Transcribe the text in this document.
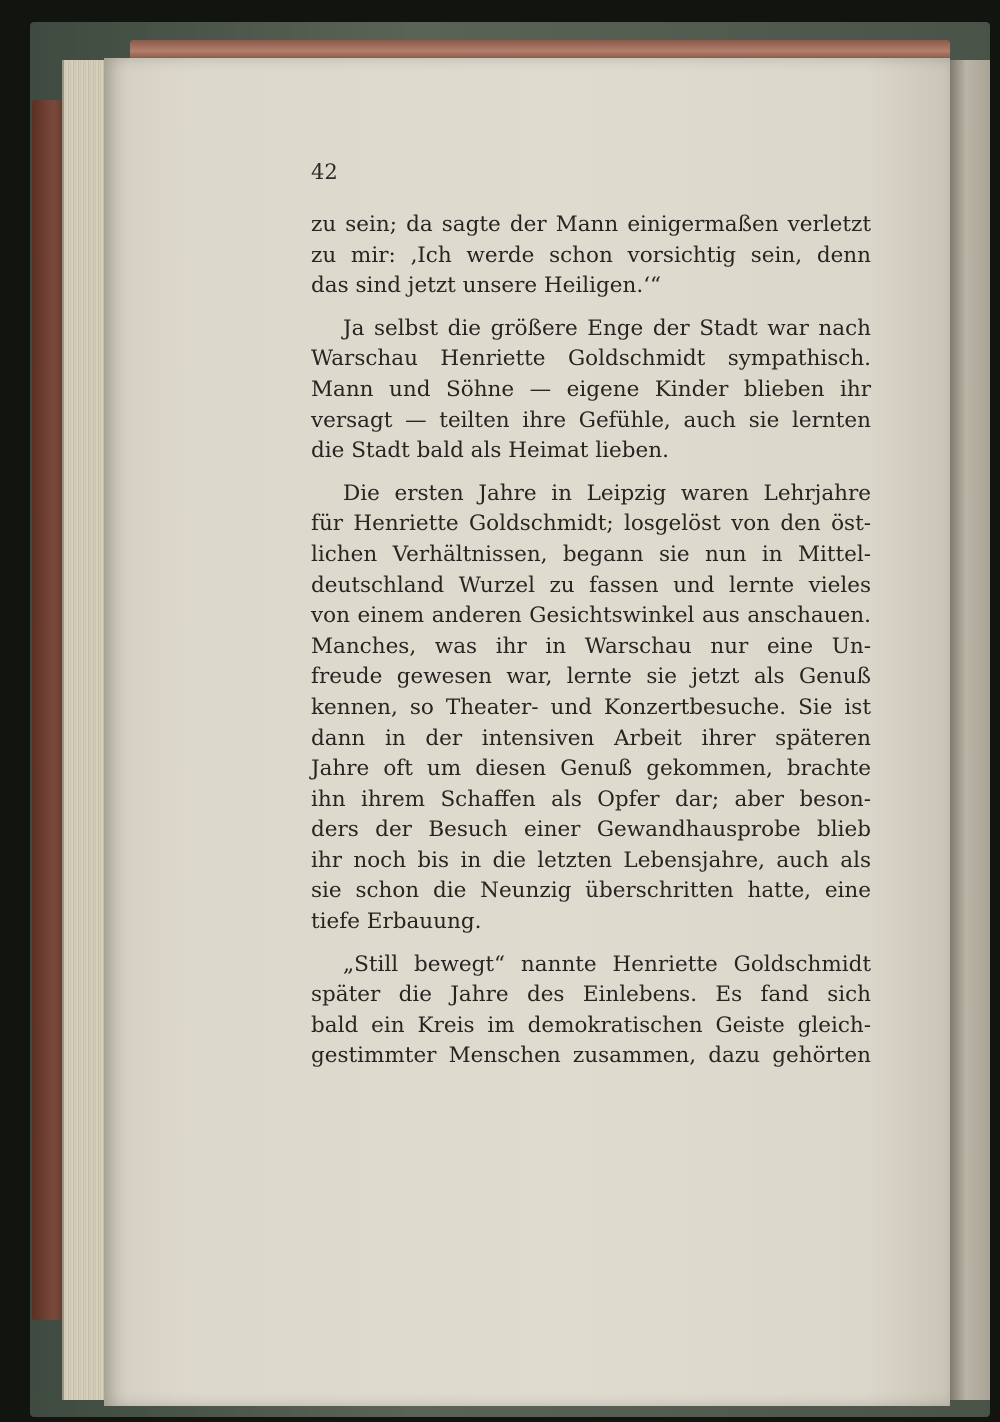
42

zu sein; da sagte der Mann einigermaßen verletzt
zu mir: ‚Ich werde schon vorsichtig sein, denn
das sind jetzt unsere Heiligen.‘“

Ja selbst die größere Enge der Stadt war nach
Warschau Henriette Goldschmidt sympathisch.
Mann und Söhne — eigene Kinder blieben ihr
versagt — teilten ihre Gefühle, auch sie lernten
die Stadt bald als Heimat lieben.

Die ersten Jahre in Leipzig waren Lehrjahre
für Henriette Goldschmidt; losgelöst von den öst-
lichen Verhältnissen, begann sie nun in Mittel-
deutschland Wurzel zu fassen und lernte vieles
von einem anderen Gesichtswinkel aus anschauen.
Manches, was ihr in Warschau nur eine Un-
freude gewesen war, lernte sie jetzt als Genuß
kennen, so Theater- und Konzertbesuche. Sie ist
dann in der intensiven Arbeit ihrer späteren
Jahre oft um diesen Genuß gekommen, brachte
ihn ihrem Schaffen als Opfer dar; aber beson-
ders der Besuch einer Gewandhausprobe blieb
ihr noch bis in die letzten Lebensjahre, auch als
sie schon die Neunzig überschritten hatte, eine
tiefe Erbauung.

„Still bewegt“ nannte Henriette Goldschmidt
später die Jahre des Einlebens. Es fand sich
bald ein Kreis im demokratischen Geiste gleich-
gestimmter Menschen zusammen, dazu gehörten
